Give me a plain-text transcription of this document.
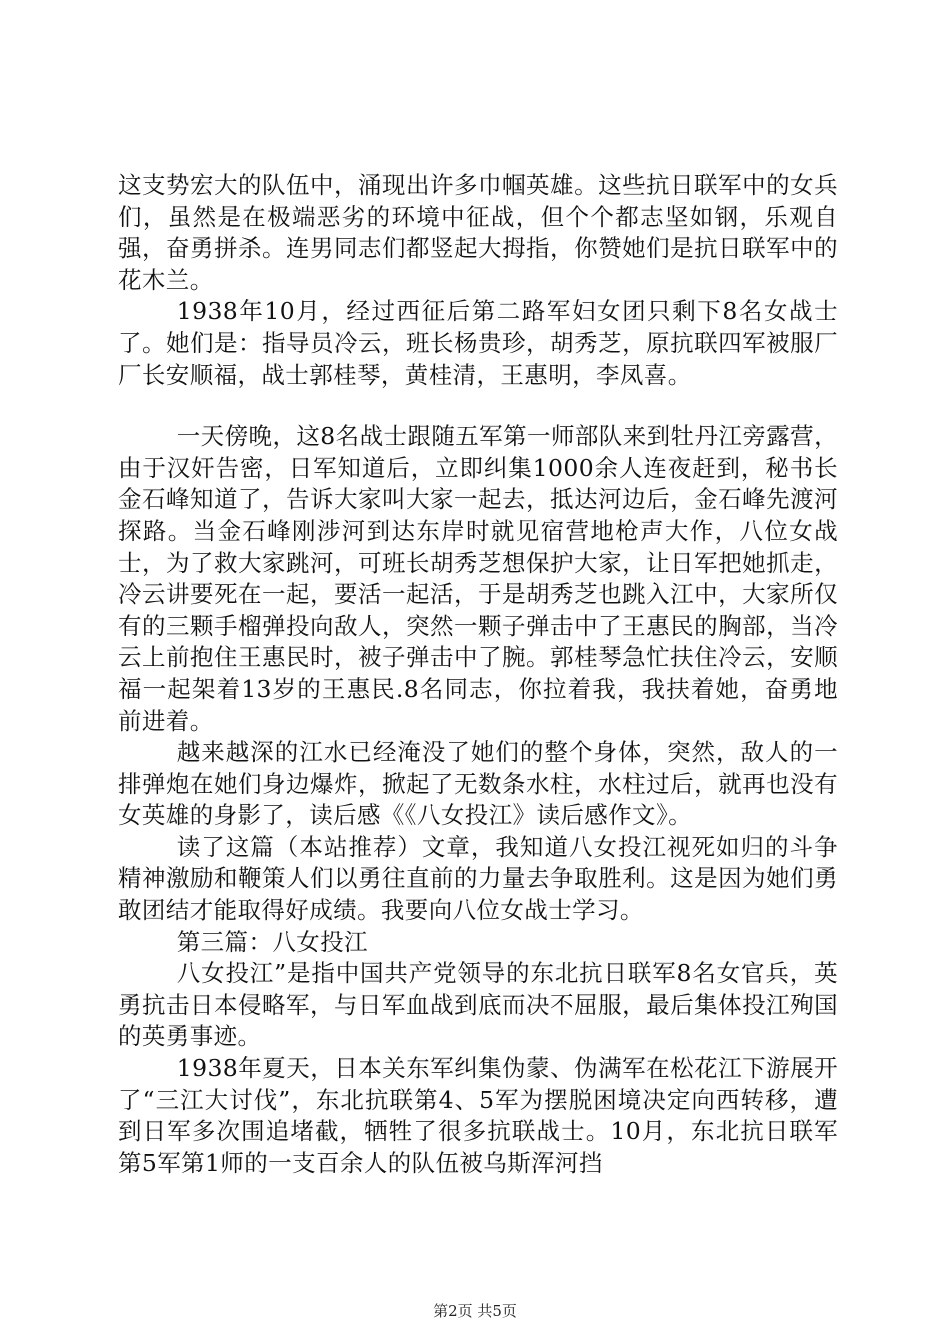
这支势宏大的队伍中，涌现出许多巾帼英雄。这些抗日联军中的女兵们，虽然是在极端恶劣的环境中征战，但个个都志坚如钢，乐观自强，奋勇拼杀。连男同志们都竖起大拇指，你赞她们是抗日联军中的花木兰。

1938年10月，经过西征后第二路军妇女团只剩下8名女战士了。她们是：指导员冷云，班长杨贵珍，胡秀芝，原抗联四军被服厂厂长安顺福，战士郭桂琴，黄桂清，王惠明，李凤喜。

一天傍晚，这8名战士跟随五军第一师部队来到牡丹江旁露营，由于汉奸告密，日军知道后，立即纠集1000余人连夜赶到，秘书长金石峰知道了，告诉大家叫大家一起去，抵达河边后，金石峰先渡河探路。当金石峰刚涉河到达东岸时就见宿营地枪声大作，八位女战士，为了救大家跳河，可班长胡秀芝想保护大家，让日军把她抓走，冷云讲要死在一起，要活一起活，于是胡秀芝也跳入江中，大家所仅有的三颗手榴弹投向敌人，突然一颗子弹击中了王惠民的胸部，当冷云上前抱住王惠民时，被子弹击中了腕。郭桂琴急忙扶住冷云，安顺福一起架着13岁的王惠民.8名同志，你拉着我，我扶着她，奋勇地前进着。

越来越深的江水已经淹没了她们的整个身体，突然，敌人的一排弹炮在她们身边爆炸，掀起了无数条水柱，水柱过后，就再也没有女英雄的身影了，读后感《《八女投江》读后感作文》。

读了这篇（本站推荐）文章，我知道八女投江视死如归的斗争精神激励和鞭策人们以勇往直前的力量去争取胜利。这是因为她们勇敢团结才能取得好成绩。我要向八位女战士学习。

第三篇：八女投江

八女投江”是指中国共产党领导的东北抗日联军8名女官兵，英勇抗击日本侵略军，与日军血战到底而决不屈服，最后集体投江殉国的英勇事迹。

1938年夏天，日本关东军纠集伪蒙、伪满军在松花江下游展开了“三江大讨伐”，东北抗联第4、5军为摆脱困境决定向西转移，遭到日军多次围追堵截，牺牲了很多抗联战士。10月，东北抗日联军第5军第1师的一支百余人的队伍被乌斯浑河挡

第2页 共5页
